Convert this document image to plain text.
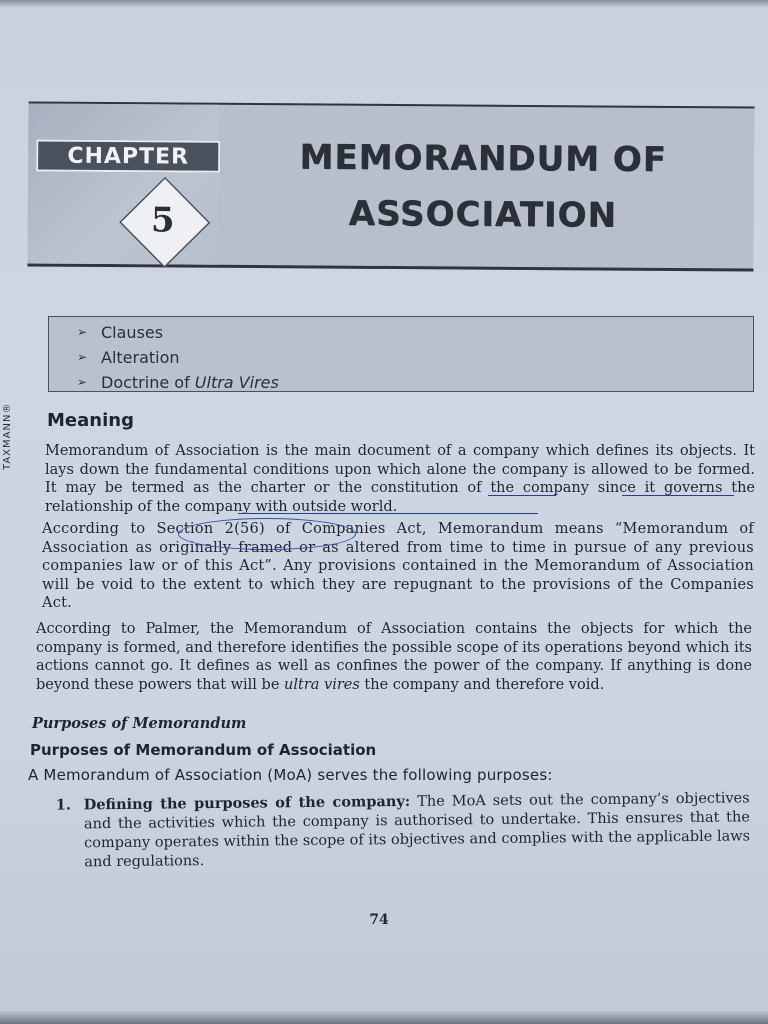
TAXMANN®
CHAPTER
5
MEMORANDUM OF
ASSOCIATION
➢ Clauses
➢ Alteration
➢ Doctrine of Ultra Vires
Meaning
Memorandum of Association is the main document of a company which defines its objects. It lays down the fundamental conditions upon which alone the company is allowed to be formed. It may be termed as the charter or the constitution of the company since it governs the relationship of the company with outside world.
According to Section 2(56) of Companies Act, Memorandum means “Memorandum of Association as originally framed or as altered from time to time in pursue of any previous companies law or of this Act”. Any provisions contained in the Memorandum of Association will be void to the extent to which they are repugnant to the provisions of the Companies Act.
According to Palmer, the Memorandum of Association contains the objects for which the company is formed, and therefore identifies the possible scope of its operations beyond which its actions cannot go. It defines as well as confines the power of the company. If anything is done beyond these powers that will be ultra vires the company and therefore void.
Purposes of Memorandum
Purposes of Memorandum of Association
A Memorandum of Association (MoA) serves the following purposes:
1. Defining the purposes of the company: The MoA sets out the company’s objectives and the activities which the company is authorised to undertake. This ensures that the company operates within the scope of its objectives and complies with the applicable laws and regulations.
74
